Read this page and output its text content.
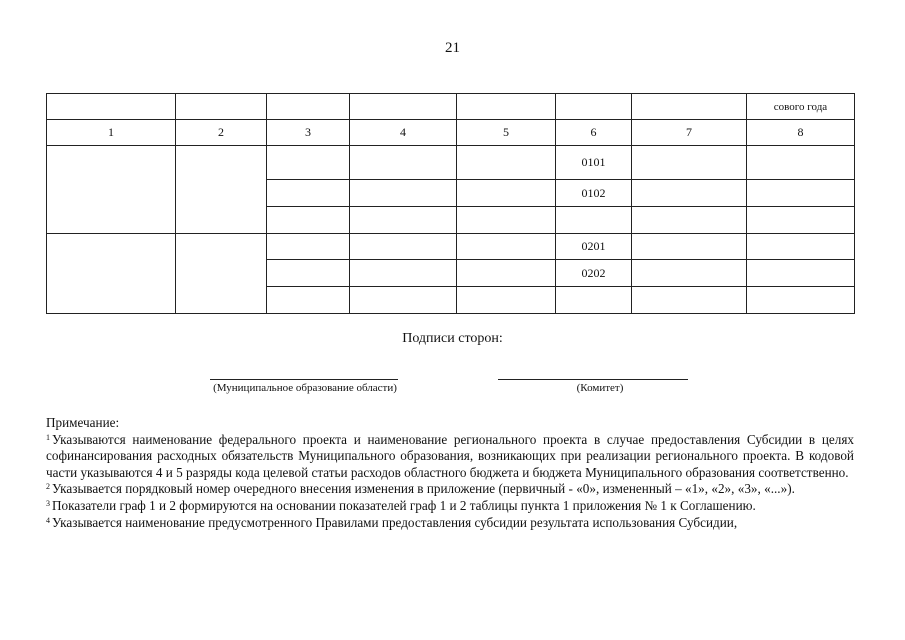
21
							сового года
1	2	3	4	5	6	7	8
					0101		
					0102		

					0201		
					0202		

Подписи сторон:
(Муниципальное образование области)	(Комитет)

Примечание:

$^1$ Указываются наименование федерального проекта и наименование регионального проекта в случае предоставления Субсидии в целях софинансирования расходных обязательств Муниципального образования, возникающих при реализации регионального проекта. В кодовой части указываются 4 и 5 разряды кода целевой статьи расходов областного бюджета и бюджета Муниципального образования соответственно.

$^2$ Указывается порядковый номер очередного внесения изменения в приложение (первичный - «0», измененный – «1», «2», «3», «...»).

$^3$ Показатели граф 1 и 2 формируются на основании показателей граф 1 и 2 таблицы пункта 1 приложения № 1 к Соглашению.

$^4$ Указывается наименование предусмотренного Правилами предоставления субсидии результата использования Субсидии,
